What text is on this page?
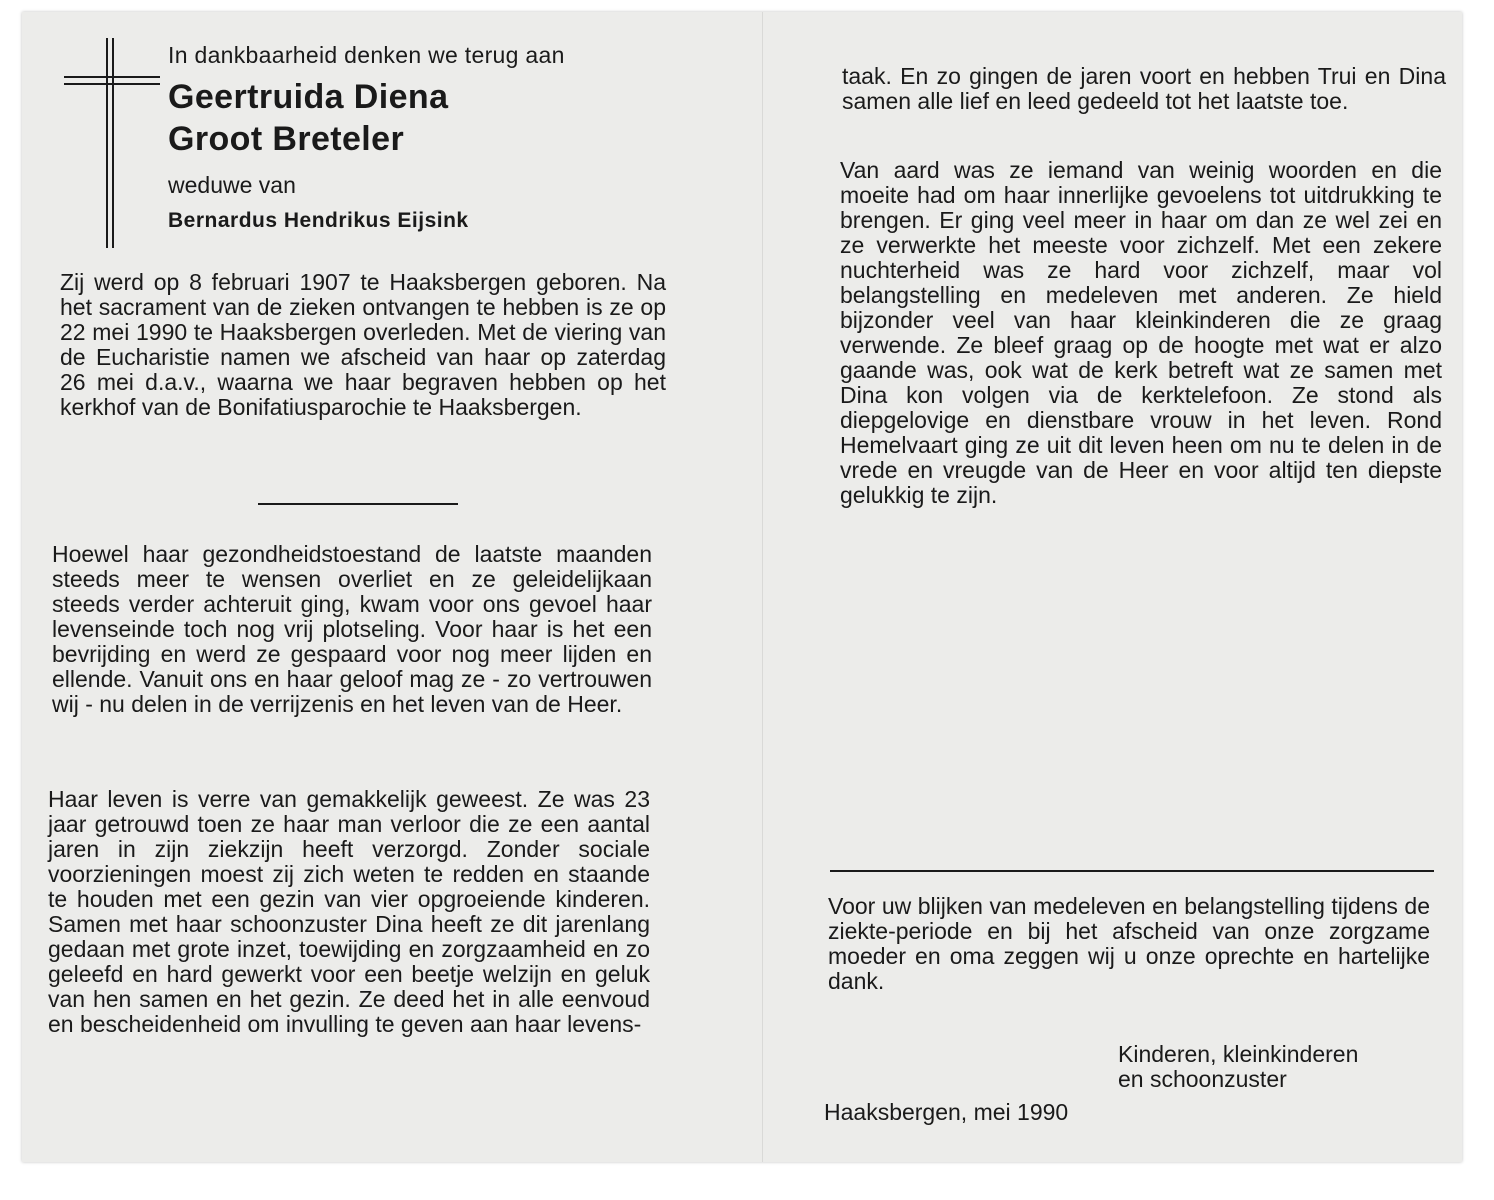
In dankbaarheid denken we terug aan
Geertruida Diena
Groot Breteler
weduwe van
Bernardus Hendrikus Eijsink

Zij werd op 8 februari 1907 te Haaksbergen geboren. Na het sacrament van de zieken ontvangen te hebben is ze op 22 mei 1990 te Haaksbergen overleden. Met de viering van de Eucharistie namen we afscheid van haar op zaterdag 26 mei d.a.v., waarna we haar begraven hebben op het kerkhof van de Bonifatiusparochie te Haaksbergen.

Hoewel haar gezondheidstoestand de laatste maanden steeds meer te wensen overliet en ze geleidelijkaan steeds verder achteruit ging, kwam voor ons gevoel haar levenseinde toch nog vrij plotseling. Voor haar is het een bevrijding en werd ze gespaard voor nog meer lijden en ellende. Vanuit ons en haar geloof mag ze - zo vertrouwen wij - nu delen in de verrijzenis en het leven van de Heer.

Haar leven is verre van gemakkelijk geweest. Ze was 23 jaar getrouwd toen ze haar man verloor die ze een aantal jaren in zijn ziekzijn heeft verzorgd. Zonder sociale voorzieningen moest zij zich weten te redden en staande te houden met een gezin van vier opgroeiende kinderen. Samen met haar schoonzuster Dina heeft ze dit jarenlang gedaan met grote inzet, toewijding en zorgzaamheid en zo geleefd en hard gewerkt voor een beetje welzijn en geluk van hen samen en het gezin. Ze deed het in alle eenvoud en bescheidenheid om invulling te geven aan haar levens-

taak. En zo gingen de jaren voort en hebben Trui en Dina samen alle lief en leed gedeeld tot het laatste toe.

Van aard was ze iemand van weinig woorden en die moeite had om haar innerlijke gevoelens tot uitdrukking te brengen. Er ging veel meer in haar om dan ze wel zei en ze verwerkte het meeste voor zichzelf. Met een zekere nuchterheid was ze hard voor zichzelf, maar vol belangstelling en medeleven met anderen. Ze hield bijzonder veel van haar kleinkinderen die ze graag verwende. Ze bleef graag op de hoogte met wat er alzo gaande was, ook wat de kerk betreft wat ze samen met Dina kon volgen via de kerktelefoon. Ze stond als diepgelovige en dienstbare vrouw in het leven. Rond Hemelvaart ging ze uit dit leven heen om nu te delen in de vrede en vreugde van de Heer en voor altijd ten diepste gelukkig te zijn.

Voor uw blijken van medeleven en belangstelling tijdens de ziekte-periode en bij het afscheid van onze zorgzame moeder en oma zeggen wij u onze oprechte en hartelijke dank.

Kinderen, kleinkinderen
en schoonzuster
Haaksbergen, mei 1990
